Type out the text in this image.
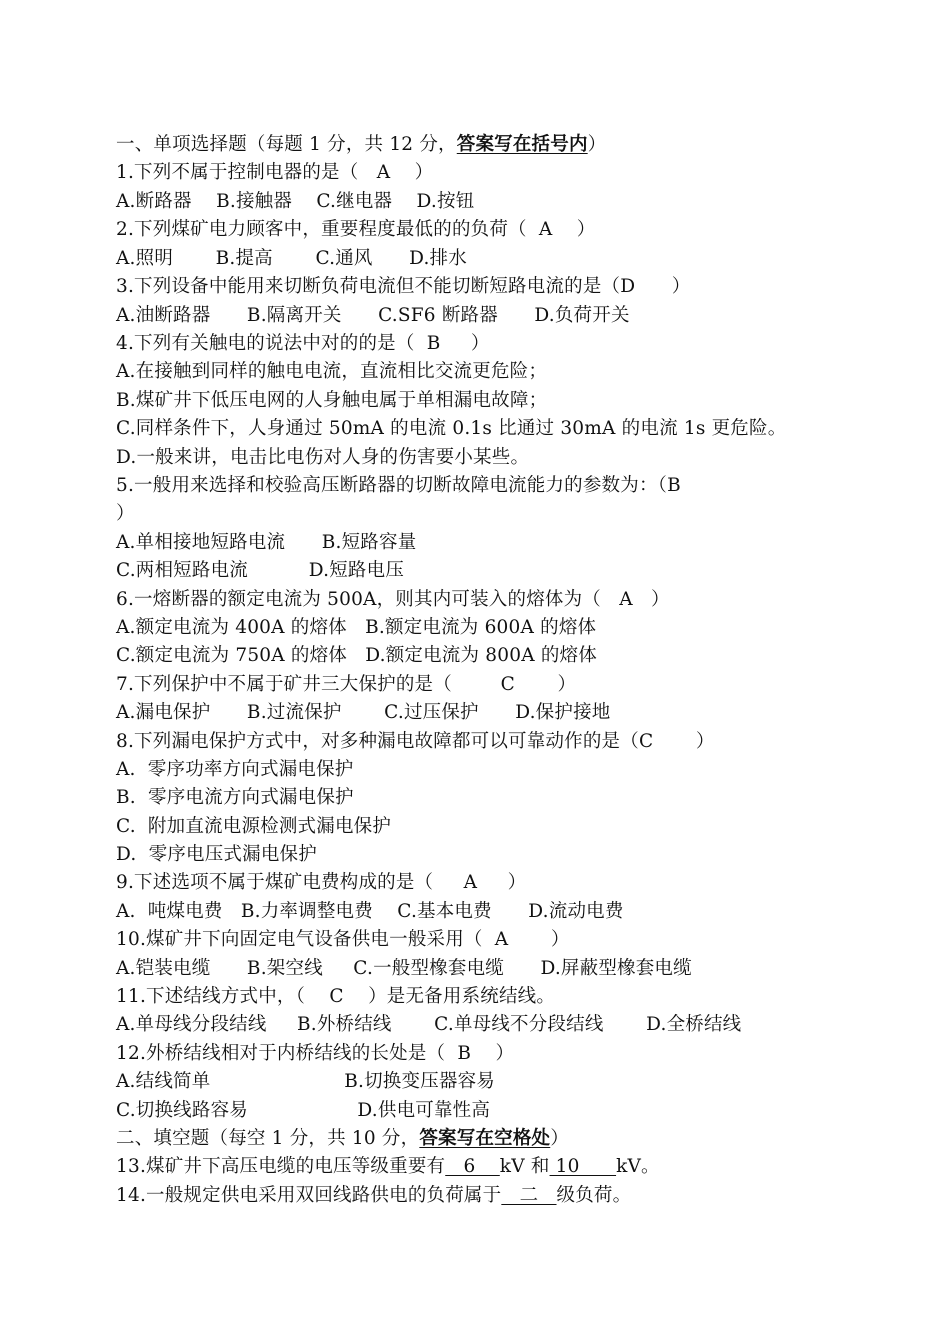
一、单项选择题（每题 1 分，共 12 分，答案写在括号内）
1.下列不属于控制电器的是（   A    ）
A.断路器    B.接触器    C.继电器    D.按钮
2.下列煤矿电力顾客中，重要程度最低的的负荷（  A    ）
A.照明       B.提高       C.通风      D.排水
3.下列设备中能用来切断负荷电流但不能切断短路电流的是（D      ）
A.油断路器      B.隔离开关      C.SF6 断路器      D.负荷开关
4.下列有关触电的说法中对的的是（  B     ）
A.在接触到同样的触电电流，直流相比交流更危险；
B.煤矿井下低压电网的人身触电属于单相漏电故障；
C.同样条件下，人身通过 50mA 的电流 0.1s 比通过 30mA 的电流 1s 更危险。
D.一般来讲，电击比电伤对人身的伤害要小某些。
5.一般用来选择和校验高压断路器的切断故障电流能力的参数为：（B
）
A.单相接地短路电流      B.短路容量
C.两相短路电流          D.短路电压
6.一熔断器的额定电流为 500A，则其内可装入的熔体为（   A   ）
A.额定电流为 400A 的熔体   B.额定电流为 600A 的熔体
C.额定电流为 750A 的熔体   D.额定电流为 800A 的熔体
7.下列保护中不属于矿井三大保护的是（        C       ）
A.漏电保护      B.过流保护       C.过压保护      D.保护接地
8.下列漏电保护方式中，对多种漏电故障都可以可靠动作的是（C       ）
A.  零序功率方向式漏电保护
B.  零序电流方向式漏电保护
C.  附加直流电源检测式漏电保护
D.  零序电压式漏电保护
9.下述选项不属于煤矿电费构成的是（     A     ）
A.  吨煤电费   B.力率调整电费    C.基本电费      D.流动电费
10.煤矿井下向固定电气设备供电一般采用（  A       ）
A.铠装电缆      B.架空线     C.一般型橡套电缆      D.屏蔽型橡套电缆
11.下述结线方式中，（    C    ）是无备用系统结线。
A.单母线分段结线     B.外桥结线       C.单母线不分段结线       D.全桥结线
12.外桥结线相对于内桥结线的长处是（  B    ）
A.结线简单                      B.切换变压器容易
C.切换线路容易                  D.供电可靠性高
二、填空题（每空 1 分，共 10 分，答案写在空格处）
13.煤矿井下高压电缆的电压等级重要有   6    kV 和 10      kV。
14.一般规定供电采用双回线路供电的负荷属于   二   级负荷。
